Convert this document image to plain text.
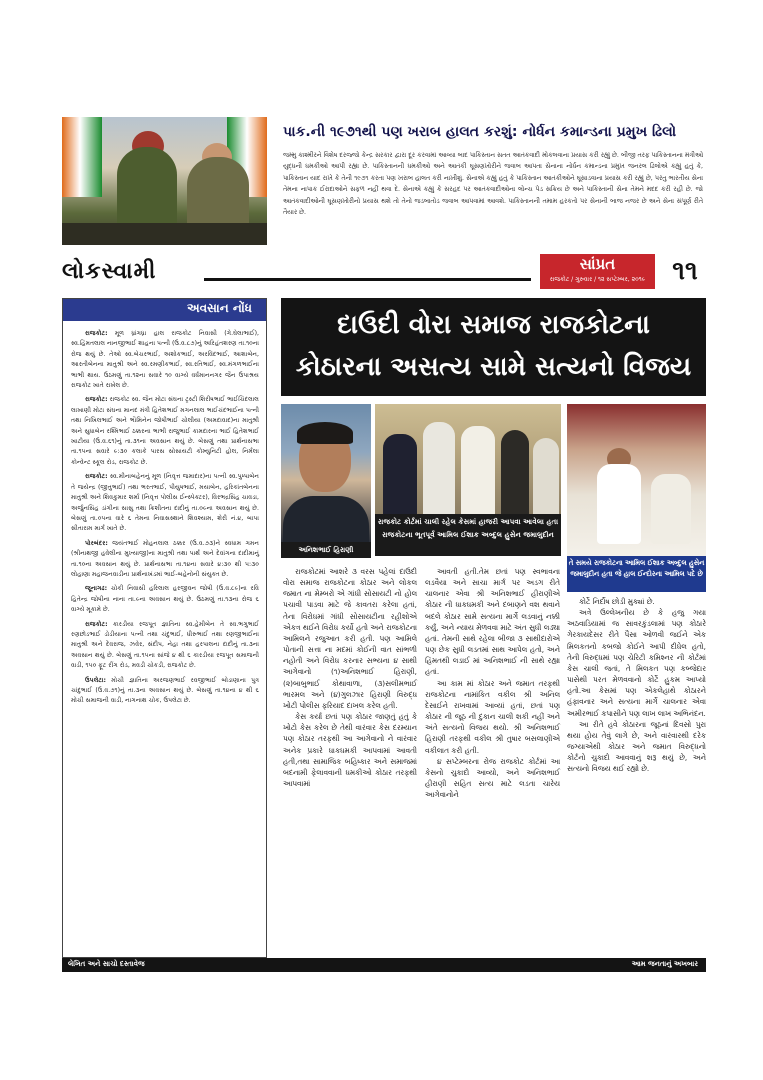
પાક.ની ૧૯૭૧થી પણ ખરાબ હાલત કરશું: નોર્ધન કમાન્ડના પ્રમુખ ઢિલો
જમ્મુ કાશ્મીરને વિશેષ દરજ્જો કેન્દ્ર સરકાર દ્વારા દૂર કરવામાં આવ્યા બાદ પાકિસ્તાન સતત આતંકવાદી મોકલવાના પ્રયાસ કરી રહ્યું છે. બીજી તરફ પાકિસ્તાનના મંત્રીઓ યુદ્ધની ધમકીઓ આપી રહ્યા છે. પાકિસ્તાનની ધમકીઓ અને આતંકી ઘૂસણખોરીને જવાબ આપતા સેનાના નોર્ધન કમાન્ડના પ્રમુખ જનરલ ઢિલોએ કહ્યું હતું કે, પાકિસ્તાન યાદ રાખે કે તેની ૧૯૭૧ કરતા પણ ખરાબ હાલત કરી નાખીશું. સેનાએ કહ્યું હતું કે પાકિસ્તાન આતંકીઓને ઘૂસાડવાના પ્રયાસ કરી રહ્યું છે, પરંતુ ભારતીય સેના તેમના નાપાક ઈરાદાઓને સફળ નહીં થવા દે. સેનાએ કહ્યું કે સરહદ પર આતંકવાદીઓના લોન્ચ પેડ સક્રિય છે અને પાકિસ્તાની સેના તેમને મદદ કરી રહી છે. જો આતંકવાદીઓની ઘૂસણખોરીનો પ્રયાસ થશે તો તેનો જડબાતોડ જવાબ આપવામાં આવશે. પાકિસ્તાનની તમામ હરકતો પર સેનાની બાજ નજર છે અને સેના સંપૂર્ણ રીતે તૈયાર છે.
લોકસ્વામી	સાંપ્રત
રાજકોટ / ગુરુવાર / ૧૨ સપ્ટેમ્બર, ૨૦૧૯	૧૧
અવસાન નોંધ

રાજકોટ: મૂળ ધ્રાંગધ્રા હાલ રાજકોટ નિવાસી (ગે.ઘેલાભાઈ), સ્વ.હિંમતલાલ નાનજીભાઈ શાહના પત્ની (ઉ.વ.૮૭)નું અરિહંતશરણ તા.૧૦ના રોજ થયું છે. તેઓ સ્વ.બેચરભાઈ, અશોકભાઈ, અરવિંદભાઈ, આશાબેન, આરતીબેનના માતુશ્રી અને સ્વ.રમણીકભાઈ, સ્વ.રતિભાઈ, સ્વ.મંગળભાઈના ભાભી થાય. ઉઠમણું તા.૧૨ના સવારે ૧૦ વાગ્યે વર્ધમાનનગર જૈન ઉપાશ્રય રાજકોટ ખાતે રાખેલ છે.

રાજકોટ: રાજકોટ સ્વ. જૈન મોટા સંઘના ટ્રસ્ટી શિરીષભાઈ ભાઈચિંદલાલ લાખાણી મોટા સંઘના માનદ મંત્રી હિતેશભાઈ મગનલાલ ભાઈચંદભાઈના પત્ની તથા નિખિલભાઈ અને ભૌમિનેન જોષીભાઈ ચોલીયા (અમદાવાદ)ના માતુશ્રી અને સુધાબેન રશ્મિભાઈ ઠક્કરના ભાભી રાજુભાઈ કામદારના ભાઈ હિતેશભાઈ ખાટીયા (ઉ.વ.૬૧)નું તા.૩૧ના અવસાન થયું છે. બેસણું તથા પ્રાર્થનાસભા તા.૧૫ના સવારે ૯:૩૦ કલાકે પારસ સોસાયટી કોમ્યુનિટી હોલ, નિર્મલા કોન્વેન્ટ સ્કૂલ રોડ, રાજકોટ છે.

રાજકોટ: સ્વ.મીનાબહેનનું મૂળ (નિવૃત્ત જમાદાર)ના પત્ની સ્વ.પુષ્પાબેન તે જયેન્દ્ર (જીતુભાઈ) તથા ભરતભાઈ, પીયુષભાઈ, મયાબેન, હરિકાંતબેનના માતુશ્રી અને શિવકુમાર શર્મા (નિવૃત્ત પોલીસ ઈન્સ્પેક્ટર), વિરભદ્રસિંહ ચાવડા, અર્જુનસિંહ ડાંગીના સાસુ તથા ક્રિશીતના દાદીનું તા.૦૯ના અવસાન થયું છે. બેસણું તા.૦૫ના વારે ૬ તેમના નિવાસસ્થાને શિવશ્યામ, શેરી નં.૪, બાપા સીતારામ માર્ગ ખાતે છે.

પોરબંદર: જયંતભાઈ મોહનલાલ ઠક્કર (ઉ.વ.૭૩)ને સ્વધામ ગમન (શ્રીનાથજી હવેલીના મુખ્યાજી)ના માતુશ્રી તથા પાર્થ અને દેવાંગના દાદીમાનું તા.૧૦ના અવસાન થયું છે. પ્રાર્થનાસભા તા.૧૪ના સવારે ૪:૩૦ થી ૫:૩૦ લોહાણા મહાજનવાડીના પ્રાર્થનાખંડમાં ભાઈ-બહેનોની સંયુક્ત છે.

જૂનાગઢ: ચોકી નિવાસી હરિલાલ હરજીવન જોષી (ઉ.વ.૮૯)ના રવિ હિતેન્દ્ર જોષીના નાના તા.૯ના અવસાન થયું છે. ઉઠમણું તા.૧૩ના રોજ ૬ વાગ્યે મૂકામે છે.

રાજકોટ: કારડીયા રજપૂત જ્ઞાતિના સ્વ.હેમીબેન તે સ્વ.ભગુભાઈ રણછોડભાઈ ડોડીયાના પત્ની તથા ચંદુભાઈ, ધીરુભાઈ તથા રણજીભાઈના માતુશ્રી અને દેવરાજ, ઝવેર, સંદીપ, નેહા તથા હરપાલના દાદીનું તા.૩ના અવસાન થયું છે. બેસણું તા.૧૫ના સાંજે ૪ થી ૬ કારડીયા રજપૂત સમાજની વાડી, ૧૫૦ ફૂટ રીંગ રોડ, મવડી ચોકડી, રાજકોટ છે.

ઉપલેટા: મોચી જ્ઞાતિના અરજણભાઈ રવજીભાઈ બોડાણાના પુત્ર ચાંદુભાઈ (ઉ.વ.૭૧)નું તા.૩ના અવસાન થયું છે. બેસણું તા.૧૪ના ૪ થી ૬ મોચી સમાજની વાડી, નાગનાથ ચોક, ઉપલેટા છે.

દાઉદી વોરા સમાજ રાજકોટના
કોઠારના અસત્ય સામે સત્યનો વિજય
અનિશભાઈ હિરાણી
રાજકોટ કોર્ટમાં ચાલી રહેલ કેસમાં હાજરી આપવા આવેલા હતા રાજકોટના ભૂતપૂર્વ આમિલ ઈશાક અબ્દુલ હુસેન જમાલુદીન
તે સમયે રાજકોટના આમિલ ઈશાક અબ્દુલ હુસેન જમાલુદીન હતા જે હાલ ઈન્દોરના આમિલ પદે છે

રાજકોટમાં આશરે ૩ વરસ પહેલાં દાઉદી વોરા સમાજ રાજકોટના કોઠાર અને લોકલ જમાત ના મેમ્બરો એ ગાંધી સોસાયટી નો હોલ પચાવી પાડવા માટે જે કાવતરા કરેલા હતાં, તેના વિરોધમાં ગાંધી સોસાયટીના રહીશોએ એકત્ર થઈને વિરોધ કર્યો હતો અને રાજકોટના આમિલને રજુઆત કરી હતી. પણ આમિલે પોતાની સત્તા ના મદમાં કોઈની વાત સાંભળી નહોતી અને વિરોધ કરનાર સભ્યના ૪ સાથી આગેવાનો (૧)અનિશભાઈ હિરાણી, (૨)બાબુભાઈ કોથાવાળા, (૩)સલીમભાઈ ભારમલ અને (૪)ગુલઝાર હિરાણી વિરુદ્ધ ખોટી પોલીસ ફરિયાદ દાખલ કરેલ હતી.

કેસ કર્યા છતાં પણ કોઠાર જાણતું હતું કે ખોટો કેસ કરેલ છે તેથી વારંવાર કેસ દરમ્યાન પણ કોઠાર તરફથી આ આગેવાનો ને વારંવાર અનેક પ્રકારે ધાકધમકી આપવામાં આવતી હતી,તથા સામાજિક બહિષ્કાર અને સમાજમાં બદનામી ફેલાવવાની ધમકીઓ કોઠાર તરફથી આપવામાં

આવતી હતી.તેમ છતાં પણ સ્વભાવના લડવૈયા અને સાચા માર્ગ પર અડગ રીતે ચાલનાર એવા શ્રી અનિશભાઈ હીરાણીએ કોઠાર ની ધાકધમકી અને દબાણને વશ થવાને બદલે કોઠાર સામે સત્યના માર્ગે લડવાનું નક્કી કર્યું, અને ન્યાય મેળવવા માટે અંત સુધી લડ્યા હતાં. તેમની સાથે રહેલા બીજા ૩ સાથીદારોએ પણ છેક સુધી લડતમાં સાથ આપેલ હતો, અને હિંમતથી લડાઈ માં અનિશભાઈ ની સાથે રહ્યા હતાં.

આ કામ માં કોઠાર અને જમાત તરફથી રાજકોટના નામાંકિત વકીલ શ્રી અનિલ દેસાઈને રાખવામાં આવ્યાં હતાં, છતાં પણ કોઠાર ની જૂઠ ની દુકાન ચાલી શકી નહીં અને અંતે સત્યનો વિજય થયો. શ્રી અનિશભાઈ હિરાણી તરફથી વકીલ શ્રી તુષાર બસલાણીએ વકીલાત કરી હતી.

૪ સપ્ટેમ્બરના રોજ રાજકોટ કોર્ટમાં આ કેસનો ચુકાદો આવ્યો, અને અનિશભાઈ હીરાણી સહિત સત્ય માટે લડતા ચારેય આગેવાનોને

કોર્ટે નિર્દોષ છોડી મુક્યાં છે.

અત્રે ઉલ્લેખનીય છે કે હજુ ગયા અઠવાડિયામાં જ સાવરકુંડલામાં પણ કોઠારે ગેરકાયદેસર રીતે પૈસા ઓળવી જઈને એક મિલકતનો કબજો કોઈને આપી દીધેલ હતો, તેની વિરુદ્ધમાં પણ ચેરિટી કમિશ્નર ની કોર્ટમાં કેસ ચાલી જતાં, તે મિલકત પણ કબ્જેદાર પાસેથી પરત મેળવવાનો કોર્ટે હુકમ આપ્યો હતો.આ કેસમાં પણ એકલેહાથે કોઠારને હંફાવનાર અને સત્યના માર્ગે ચાલનાર એવા અમીરભાઈ કપાસીને પણ લાખ લાખ અભિનંદન.

આ રીતે હવે કોઠારના જૂઠનાં દિવસો પુરા થયા હોય તેવું લાગે છે, અને વારંવારથી દરેક જગ્યાએથી કોઠાર અને જમાત વિરુદ્ધનો કોર્ટનો ચુકાદો આવવાનું શરૂ થયું છે, અને સત્યનો વિજય થઈ રહ્યો છે.

લેખિત અને સાચો દસ્તાવેજ	આમ જનતાનું અખબાર
